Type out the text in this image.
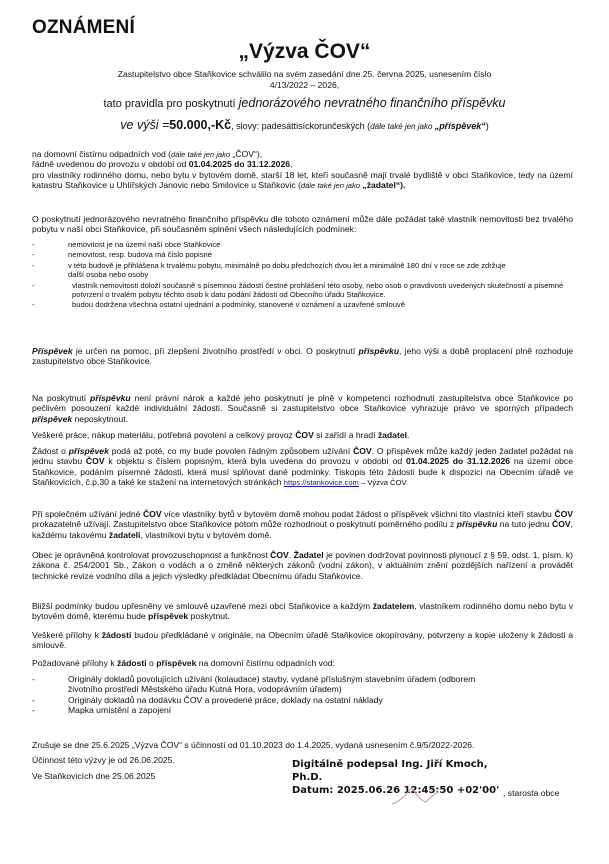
OZNÁMENÍ
„Výzva ČOV“
Zastupitelstvo obce Staňkovice schválilo na svém zasedání dne 25. června 2025, usnesením číslo
4/13/2022 – 2026,
tato pravidla pro poskytnutí jednorázového nevratného finančního příspěvku
ve výši =50.000,-Kč, slovy: padesáttisíckorunčeských (dále také jen jako „příspěvek“)
na domovní čistírnu odpadních vod (dále také jen jako „ČOV“),
řádně uvedenou do provozu v období od 01.04.2025 do 31.12.2026,
pro vlastníky rodinného domu, nebo bytu v bytovém domě, starší 18 let, kteří současně mají trvalé bydliště v obci Staňkovice, tedy na území katastru Staňkovice u Uhlířských Janovic nebo Smilovice u Staňkovic (dále také jen jako „žadatel“).
O poskytnutí jednorázového nevratného finančního příspěvku dle tohoto oznámení může dále požádat také vlastník nemovitosti bez trvalého pobytu v naší obci Staňkovice, při současném splnění všech následujících podmínek:
-	nemovitost je na území naší obce Staňkovice
-	nemovitost, resp. budova má číslo popisné
-	v této budově je přihlášena k trvalému pobytu, minimálně po dobu předchozích dvou let a minimálně 180 dní v roce se zde zdržuje další osoba nebo osoby
-	vlastník nemovitosti doloží současně s písemnou žádostí čestné prohlášení této osoby, nebo osob o pravdivosti uvedených skutečností a písemné potvrzení o trvalém pobytu těchto osob k datu podání žádosti od Obecního úřadu Staňkovice.
-	budou dodržena všechna ostatní ujednání a podmínky, stanovené v oznámení a uzavřené smlouvě
Příspěvek je určen na pomoc, při zlepšení životního prostředí v obci. O poskytnutí příspěvku, jeho výši a době proplacení plně rozhoduje zastupitelstvo obce Staňkovice.
Na poskytnutí příspěvku není právní nárok a každé jeho poskytnutí je plně v kompetenci rozhodnutí zastupitelstva obce Staňkovice po pečlivém posouzení každé individuální žádosti. Současně si zastupitelstvo obce Staňkovice vyhrazuje právo ve sporných případech příspěvek neposkytnout.
Veškeré práce, nákup materiálu, potřebná povolení a celkový provoz ČOV si zařídí a hradí žadatel.
Žádost o příspěvek podá až poté, co my bude povolen řádným způsobem užívání ČOV. O příspěvek může každý jeden žadatel požádat na jednu stavbu ČOV k objektu s číslem popisným, která byla uvedena do provozu v období od 01.04.2025 do 31.12.2026 na území obce Staňkovice, podáním písemné žádosti, která musí splňovat dané podmínky. Tiskopis této žádosti bude k dispozici na Obecním úřadě ve Staňkovicích, č.p.30 a také ke stažení na internetových stránkách https://stankovice.com – Výzva ČOV.
Při společném užívání jedné ČOV více vlastníky bytů v bytovém domě mohou podat žádost o příspěvek všichni tito vlastníci kteří stavbu ČOV prokazatelně užívají. Zastupitelstvo obce Staňkovice potom může rozhodnout o poskytnutí poměrného podílu z příspěvku na tuto jednu ČOV, každému takovému žadateli, vlastníkovi bytu v bytovém domě.
Obec je oprávněná kontrolovat provozuschopnost a funkčnost ČOV. Žadatel je povinen dodržovat povinnosti plynoucí z § 59, odst. 1, písm. k) zákona č. 254/2001 Sb., Zákon o vodách a o změně některých zákonů (vodní zákon), v aktuálním znění pozdějších nařízení a provádět technické revize vodního díla a jejich výsledky předkládat Obecnímu úřadu Staňkovice.
Bližší podmínky budou upřesněny ve smlouvě uzavřené mezi obcí Staňkovice a každým žadatelem, vlastníkem rodinného domu nebo bytu v bytovém domě, kterému bude příspěvek poskytnut.
Veškeré přílohy k žádosti budou předkládané v originále, na Obecním úřadě Staňkovice okopírovány, potvrzeny a kopie uloženy k žádosti a smlouvě.
Požadované přílohy k žádosti o příspěvek na domovní čistírnu odpadních vod:
-	Originály dokladů povolujících užívání (kolaudace) stavby, vydané příslušným stavebním úřadem (odborem životního prostředí Městského úřadu Kutná Hora, vodoprávním úřadem)
-	Originály dokladů na dodávku ČOV a provedené práce, doklady na ostatní náklady
-	Mapka umístění a zapojení
Zrušuje se dne 25.6.2025 „Výzva ČOV“ s účinností od 01.10.2023 do 1.4.2025, vydaná usnesením č.9/5/2022-2026.
Účinnost této výzvy je od 26.06.2025.
Ve Staňkovicích dne 25.06.2025
Digitálně podepsal Ing. Jiří Kmoch,
Ph.D.
Datum: 2025.06.26 12:45:50 +02'00' , starosta obce
